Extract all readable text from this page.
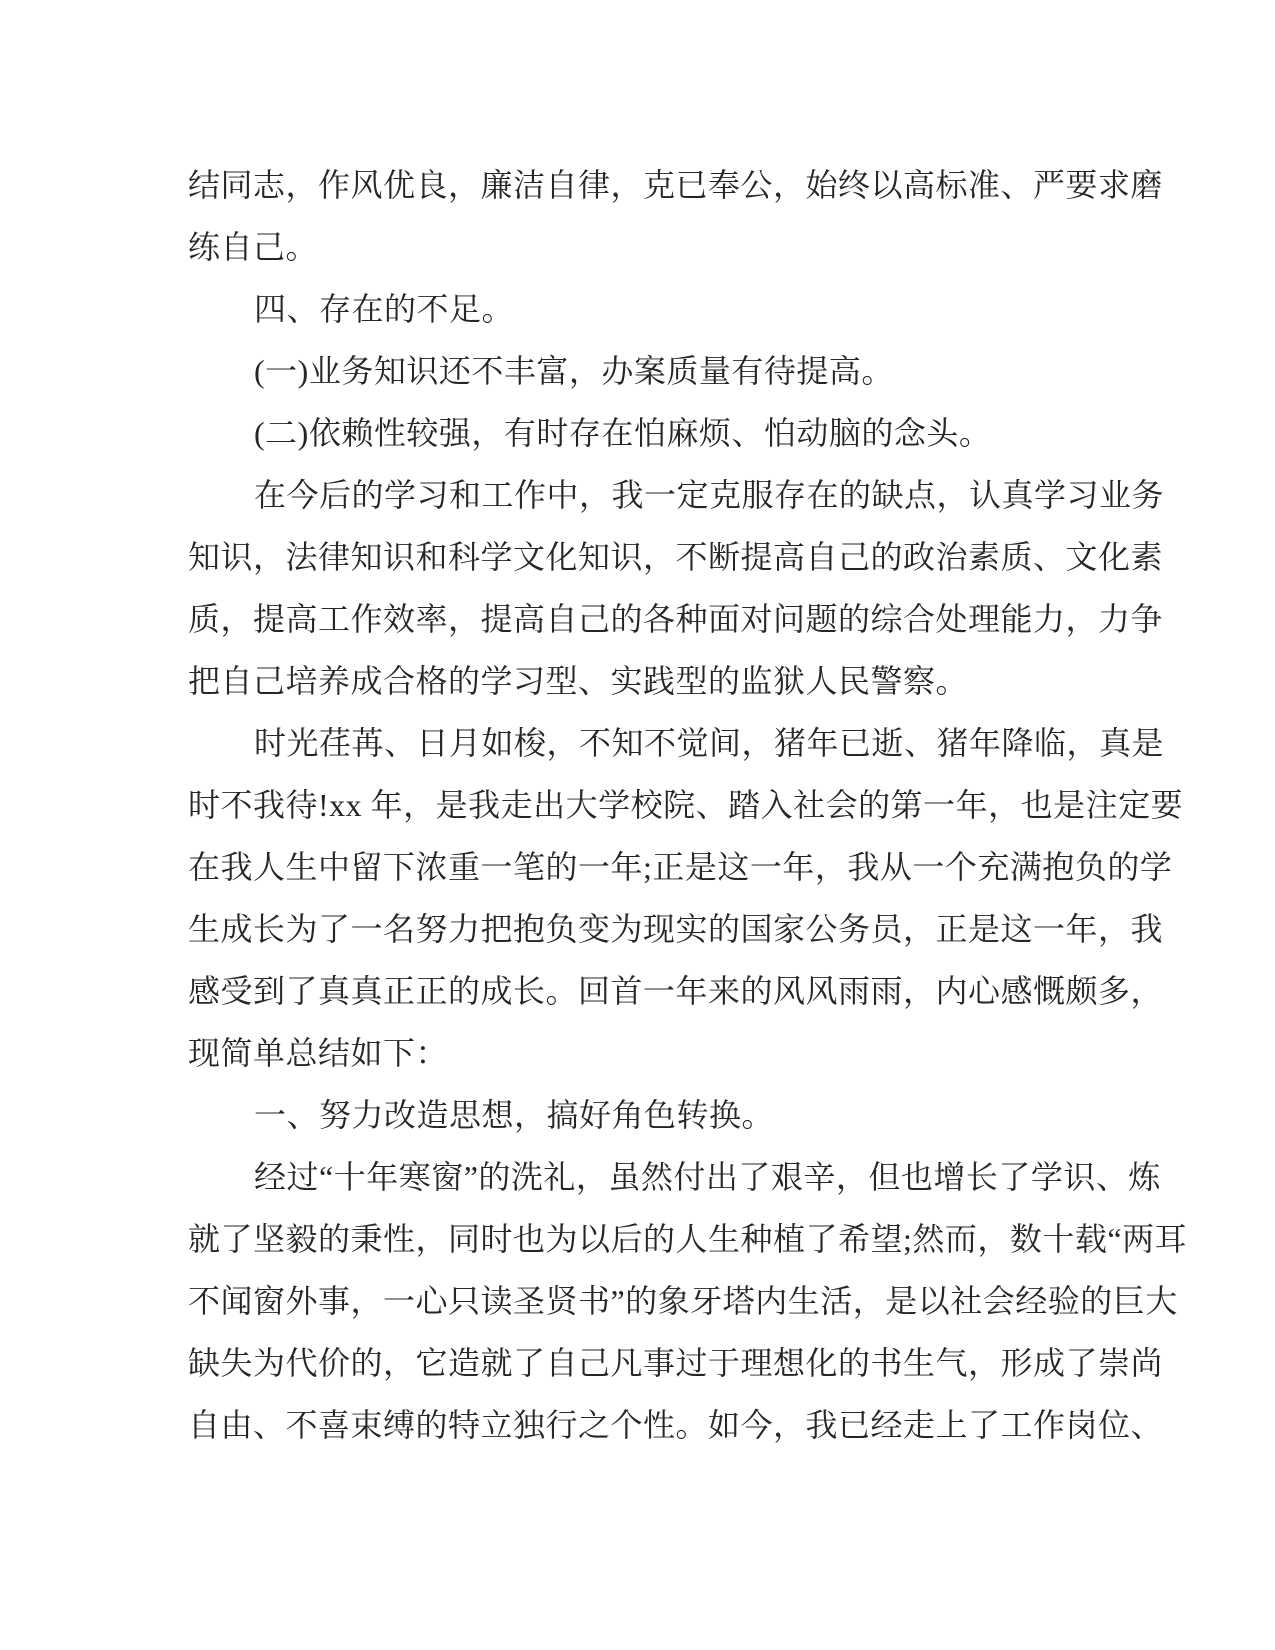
结同志，作风优良，廉洁自律，克已奉公，始终以高标准、严要求磨
练自己。
四、存在的不足。
(一)业务知识还不丰富，办案质量有待提高。
(二)依赖性较强，有时存在怕麻烦、怕动脑的念头。
在今后的学习和工作中，我一定克服存在的缺点，认真学习业务
知识，法律知识和科学文化知识，不断提高自己的政治素质、文化素
质，提高工作效率，提高自己的各种面对问题的综合处理能力，力争
把自己培养成合格的学习型、实践型的监狱人民警察。
时光荏苒、日月如梭，不知不觉间，猪年已逝、猪年降临，真是
时不我待!xx 年，是我走出大学校院、踏入社会的第一年，也是注定要
在我人生中留下浓重一笔的一年;正是这一年，我从一个充满抱负的学
生成长为了一名努力把抱负变为现实的国家公务员，正是这一年，我
感受到了真真正正的成长。回首一年来的风风雨雨，内心感慨颇多，
现简单总结如下：
一、努力改造思想，搞好角色转换。
经过“十年寒窗”的洗礼，虽然付出了艰辛，但也增长了学识、炼
就了坚毅的秉性，同时也为以后的人生种植了希望;然而，数十载“两耳
不闻窗外事，一心只读圣贤书”的象牙塔内生活，是以社会经验的巨大
缺失为代价的，它造就了自己凡事过于理想化的书生气，形成了崇尚
自由、不喜束缚的特立独行之个性。如今，我已经走上了工作岗位、
